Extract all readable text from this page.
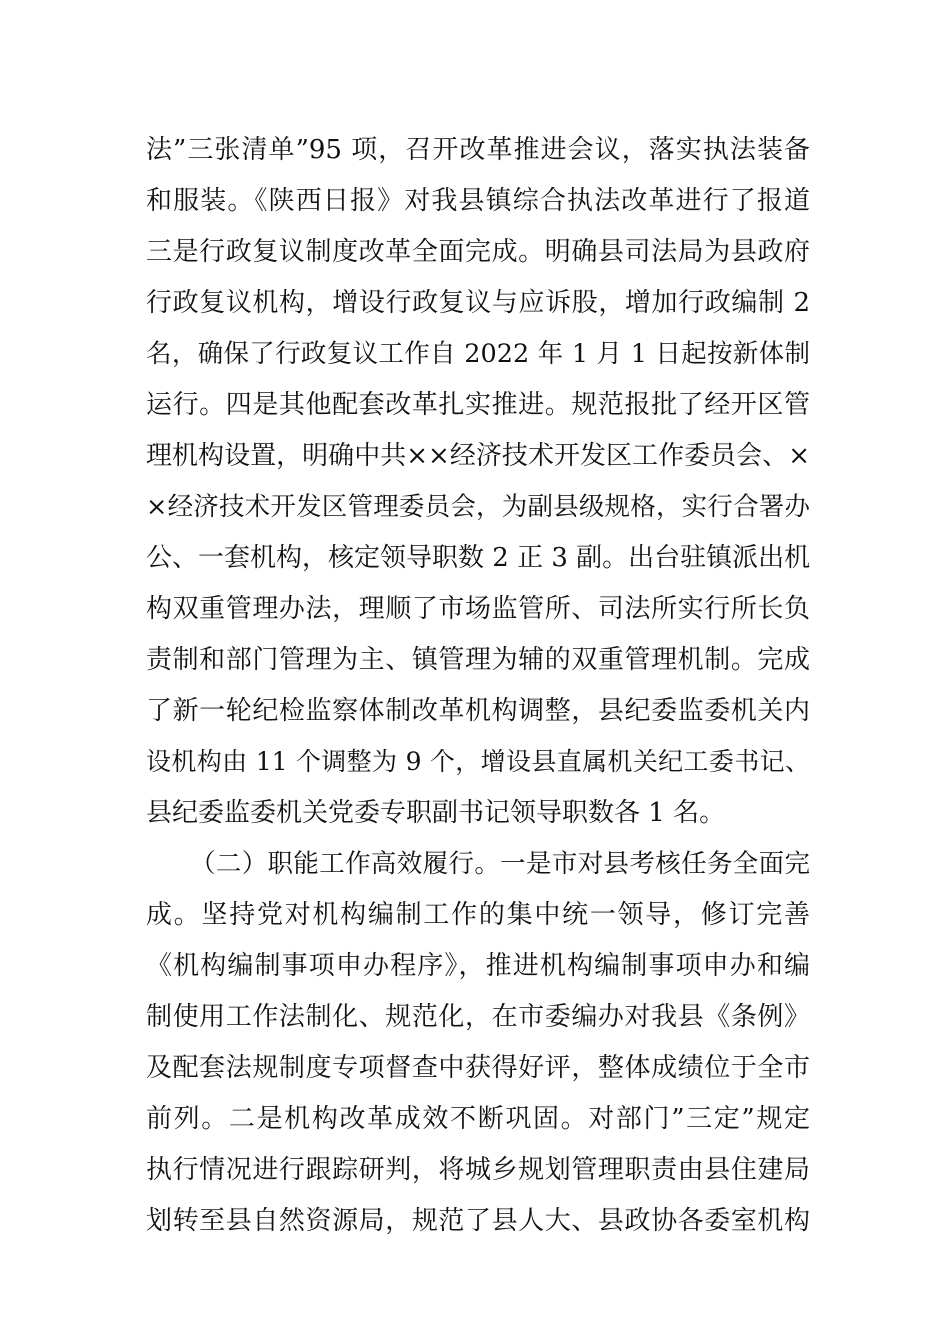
法”三张清单”95 项，召开改革推进会议，落实执法装备
和服装。《陕西日报》对我县镇综合执法改革进行了报道
三是行政复议制度改革全面完成。明确县司法局为县政府
行政复议机构，增设行政复议与应诉股，增加行政编制 2
名，确保了行政复议工作自 2022 年 1 月 1 日起按新体制
运行。四是其他配套改革扎实推进。规范报批了经开区管
理机构设置，明确中共××经济技术开发区工作委员会、×
×经济技术开发区管理委员会，为副县级规格，实行合署办
公、一套机构，核定领导职数 2 正 3 副。出台驻镇派出机
构双重管理办法，理顺了市场监管所、司法所实行所长负
责制和部门管理为主、镇管理为辅的双重管理机制。完成
了新一轮纪检监察体制改革机构调整，县纪委监委机关内
设机构由 11 个调整为 9 个，增设县直属机关纪工委书记、
县纪委监委机关党委专职副书记领导职数各 1 名。
（二）职能工作高效履行。一是市对县考核任务全面完
成。坚持党对机构编制工作的集中统一领导，修订完善
《机构编制事项申办程序》，推进机构编制事项申办和编
制使用工作法制化、规范化，在市委编办对我县《条例》
及配套法规制度专项督查中获得好评，整体成绩位于全市
前列。二是机构改革成效不断巩固。对部门”三定”规定
执行情况进行跟踪研判，将城乡规划管理职责由县住建局
划转至县自然资源局，规范了县人大、县政协各委室机构
